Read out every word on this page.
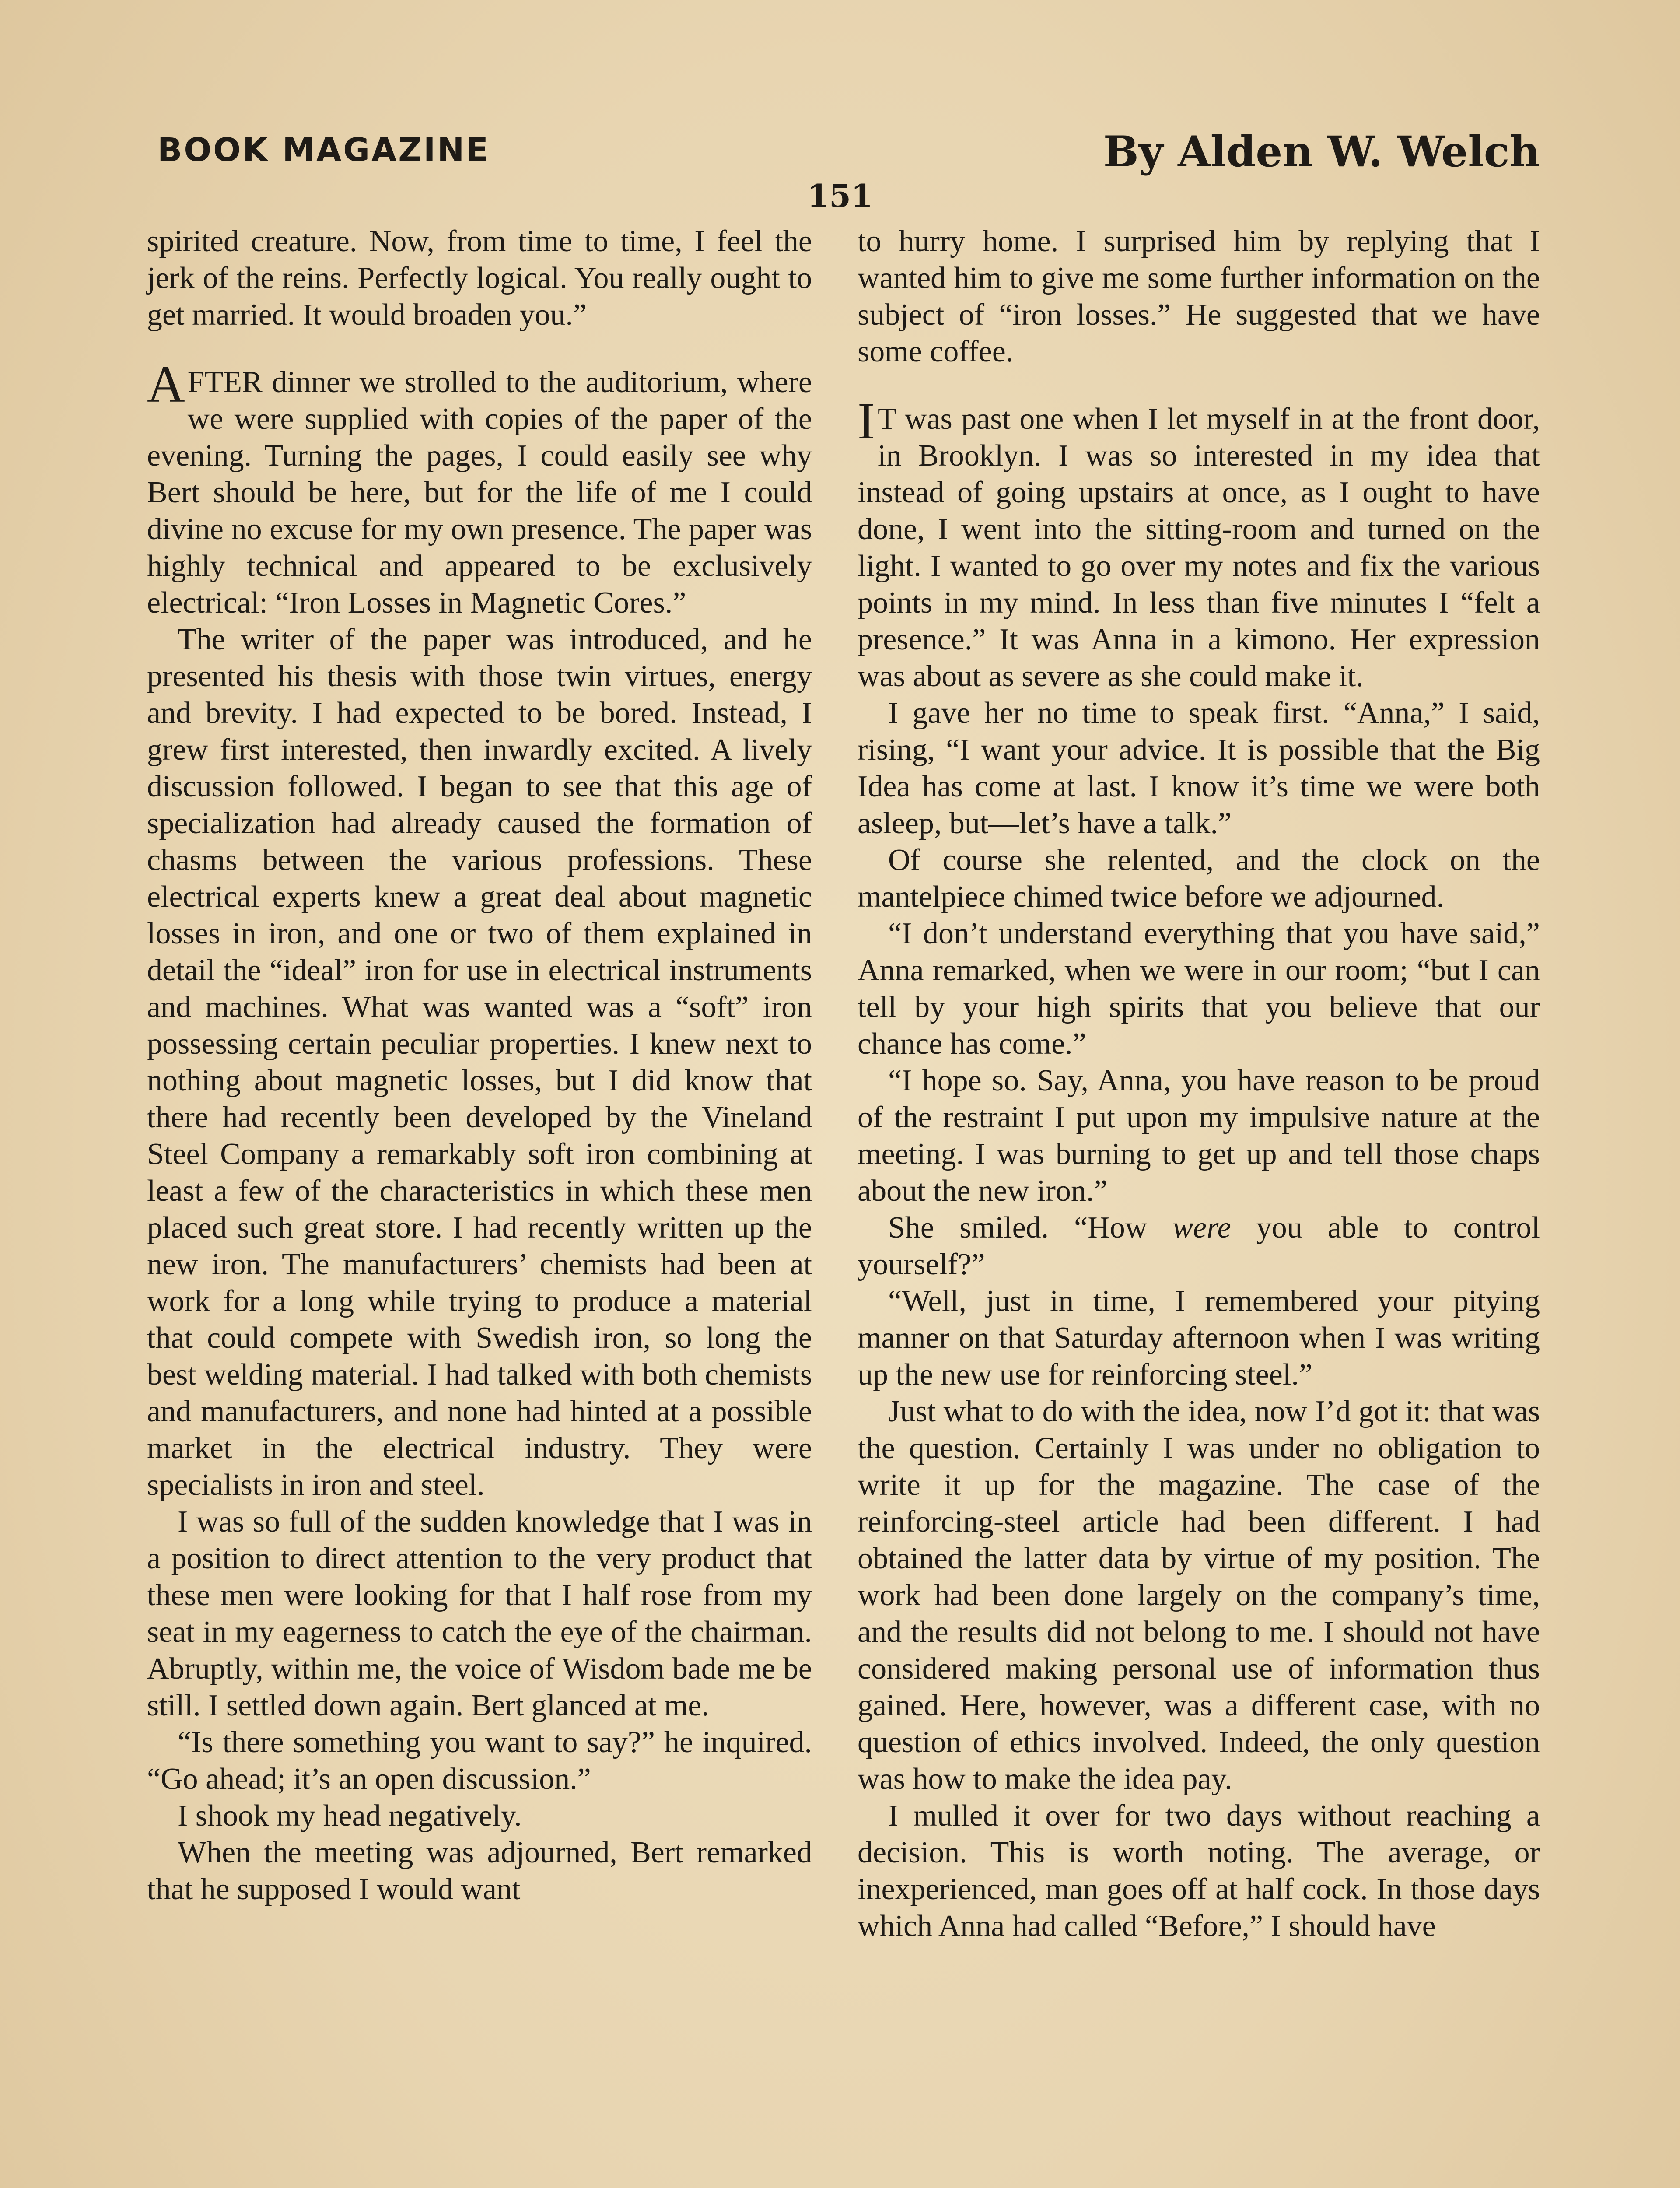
BOOK MAGAZINE	By Alden W. Welch
151

spirited creature. Now, from time to time, I feel the jerk of the reins. Perfectly logical. You really ought to get married. It would broaden you.”

AFTER dinner we strolled to the auditorium, where we were supplied with copies of the paper of the evening. Turning the pages, I could easily see why Bert should be here, but for the life of me I could divine no excuse for my own presence. The paper was highly technical and appeared to be exclusively electrical: “Iron Losses in Magnetic Cores.”

The writer of the paper was introduced, and he presented his thesis with those twin virtues, energy and brevity. I had expected to be bored. Instead, I grew first interested, then inwardly excited. A lively discussion followed. I began to see that this age of specialization had already caused the formation of chasms between the various professions. These electrical experts knew a great deal about magnetic losses in iron, and one or two of them explained in detail the “ideal” iron for use in electrical instruments and machines. What was wanted was a “soft” iron possessing certain peculiar properties. I knew next to nothing about magnetic losses, but I did know that there had recently been developed by the Vineland Steel Company a remarkably soft iron combining at least a few of the characteristics in which these men placed such great store. I had recently written up the new iron. The manufacturers’ chemists had been at work for a long while trying to produce a material that could compete with Swedish iron, so long the best welding material. I had talked with both chemists and manufacturers, and none had hinted at a possible market in the electrical industry. They were specialists in iron and steel.

I was so full of the sudden knowledge that I was in a position to direct attention to the very product that these men were looking for that I half rose from my seat in my eagerness to catch the eye of the chairman. Abruptly, within me, the voice of Wisdom bade me be still. I settled down again. Bert glanced at me.

“Is there something you want to say?” he inquired. “Go ahead; it’s an open discussion.”

I shook my head negatively.

When the meeting was adjourned, Bert remarked that he supposed I would want

to hurry home. I surprised him by replying that I wanted him to give me some further information on the subject of “iron losses.” He suggested that we have some coffee.

I T was past one when I let myself in at the front door, in Brooklyn. I was so interested in my idea that instead of going upstairs at once, as I ought to have done, I went into the sitting-room and turned on the light. I wanted to go over my notes and fix the various points in my mind. In less than five minutes I “felt a presence.” It was Anna in a kimono. Her expression was about as severe as she could make it.

I gave her no time to speak first. “Anna,” I said, rising, “I want your advice. It is possible that the Big Idea has come at last. I know it’s time we were both asleep, but—let’s have a talk.”

Of course she relented, and the clock on the mantelpiece chimed twice before we adjourned.

“I don’t understand everything that you have said,” Anna remarked, when we were in our room; “but I can tell by your high spirits that you believe that our chance has come.”

“I hope so. Say, Anna, you have reason to be proud of the restraint I put upon my impulsive nature at the meeting. I was burning to get up and tell those chaps about the new iron.”

She smiled. “How were you able to control yourself?”

“Well, just in time, I remembered your pitying manner on that Saturday afternoon when I was writing up the new use for reinforcing steel.”

Just what to do with the idea, now I’d got it: that was the question. Certainly I was under no obligation to write it up for the magazine. The case of the reinforcing-steel article had been different. I had obtained the latter data by virtue of my position. The work had been done largely on the company’s time, and the results did not belong to me. I should not have considered making personal use of information thus gained. Here, however, was a different case, with no question of ethics involved. Indeed, the only question was how to make the idea pay.

I mulled it over for two days without reaching a decision. This is worth noting. The average, or inexperienced, man goes off at half cock. In those days which Anna had called “Before,” I should have
